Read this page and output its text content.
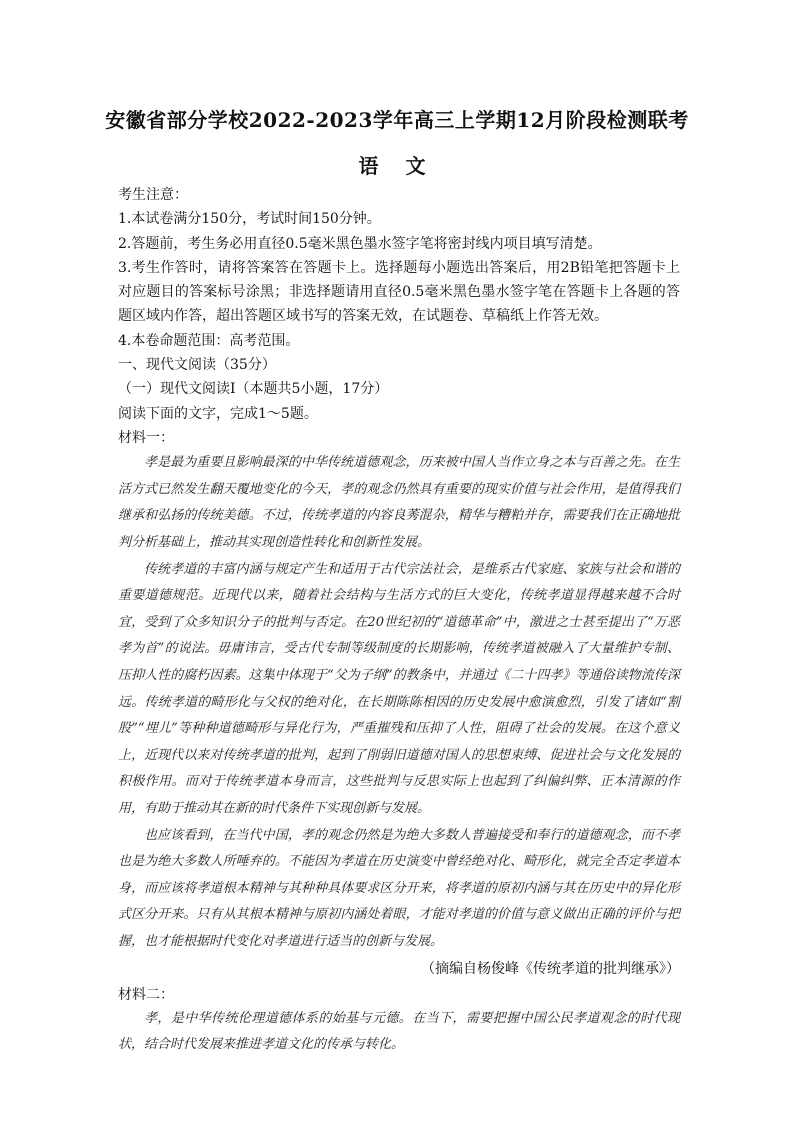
安徽省部分学校2022-2023学年高三上学期12月阶段检测联考
语 文
考生注意：
1.本试卷满分150分，考试时间150分钟。
2.答题前，考生务必用直径0.5毫米黑色墨水签字笔将密封线内项目填写清楚。
3.考生作答时，请将答案答在答题卡上。选择题每小题选出答案后，用2B铅笔把答题卡上对应题目的答案标号涂黑；非选择题请用直径0.5毫米黑色墨水签字笔在答题卡上各题的答题区域内作答，超出答题区域书写的答案无效，在试题卷、草稿纸上作答无效。
4.本卷命题范围：高考范围。
一、现代文阅读（35分）
（一）现代文阅读Ⅰ（本题共5小题，17分）
阅读下面的文字，完成1～5题。
材料一：
孝是最为重要且影响最深的中华传统道德观念，历来被中国人当作立身之本与百善之先。在生活方式已然发生翻天覆地变化的今天，孝的观念仍然具有重要的现实价值与社会作用，是值得我们继承和弘扬的传统美德。不过，传统孝道的内容良莠混杂，精华与糟粕并存，需要我们在正确地批判分析基础上，推动其实现创造性转化和创新性发展。
传统孝道的丰富内涵与规定产生和适用于古代宗法社会，是维系古代家庭、家族与社会和谐的重要道德规范。近现代以来，随着社会结构与生活方式的巨大变化，传统孝道显得越来越不合时宜，受到了众多知识分子的批判与否定。在20世纪初的“道德革命”中，激进之士甚至提出了“万恶孝为首”的说法。毋庸讳言，受古代专制等级制度的长期影响，传统孝道被融入了大量维护专制、压抑人性的腐朽因素。这集中体现于“父为子纲”的教条中，并通过《二十四孝》等通俗读物流传深远。传统孝道的畸形化与父权的绝对化，在长期陈陈相因的历史发展中愈演愈烈，引发了诸如“割股”“埋儿”等种种道德畸形与异化行为，严重摧残和压抑了人性，阻碍了社会的发展。在这个意义上，近现代以来对传统孝道的批判，起到了削弱旧道德对国人的思想束缚、促进社会与文化发展的积极作用。而对于传统孝道本身而言，这些批判与反思实际上也起到了纠偏纠弊、正本清源的作用，有助于推动其在新的时代条件下实现创新与发展。
也应该看到，在当代中国，孝的观念仍然是为绝大多数人普遍接受和奉行的道德观念，而不孝也是为绝大多数人所唾弃的。不能因为孝道在历史演变中曾经绝对化、畸形化，就完全否定孝道本身，而应该将孝道根本精神与其种种具体要求区分开来，将孝道的原初内涵与其在历史中的异化形式区分开来。只有从其根本精神与原初内涵处着眼，才能对孝道的价值与意义做出正确的评价与把握，也才能根据时代变化对孝道进行适当的创新与发展。
（摘编自杨俊峰《传统孝道的批判继承》）
材料二：
孝，是中华传统伦理道德体系的始基与元德。在当下，需要把握中国公民孝道观念的时代现状，结合时代发展来推进孝道文化的传承与转化。
